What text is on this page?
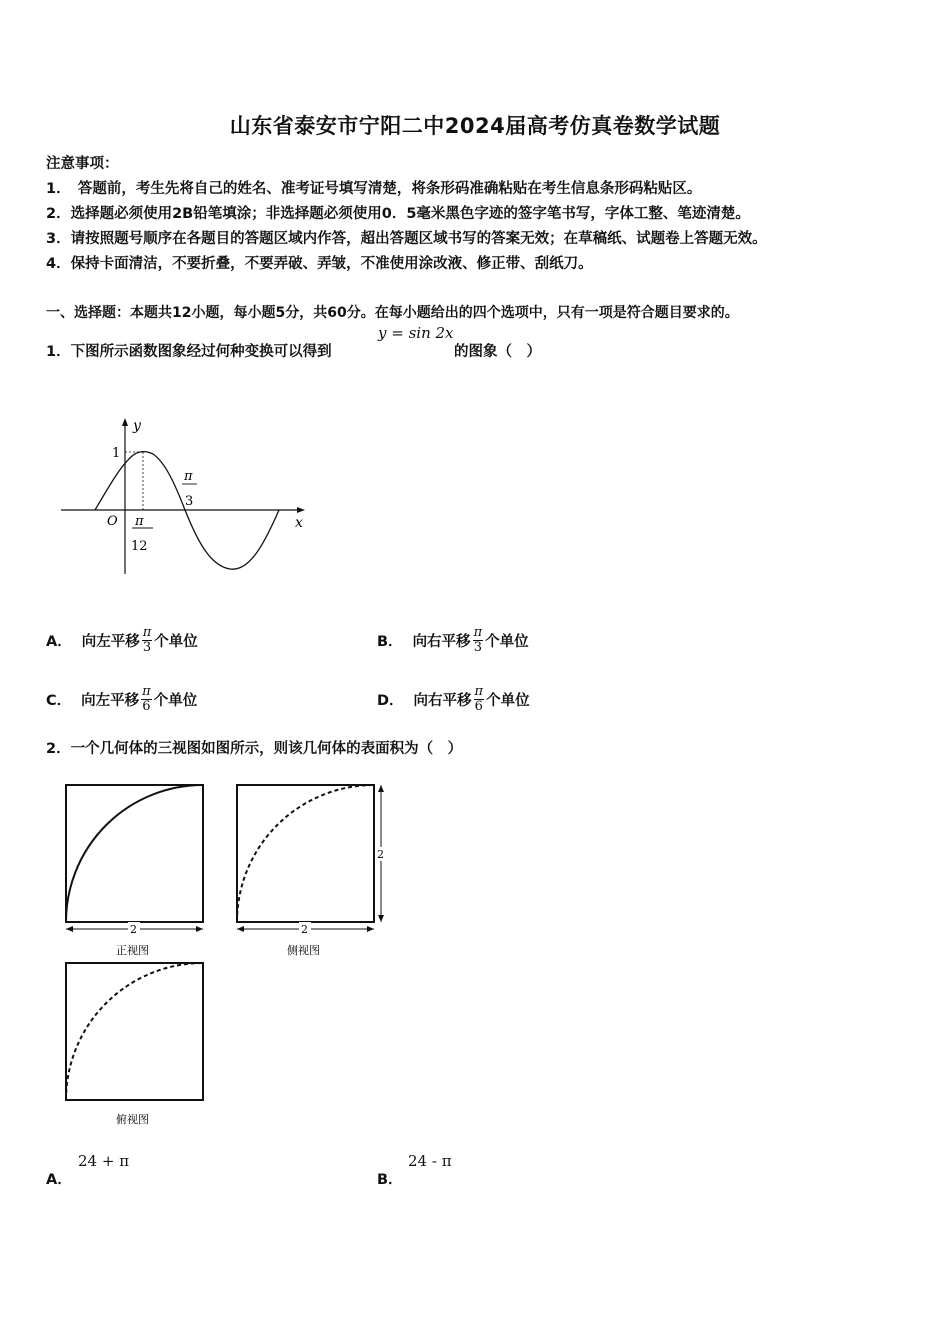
山东省泰安市宁阳二中2024届高考仿真卷数学试题
注意事项：
1．　答题前，考生先将自己的姓名、准考证号填写清楚，将条形码准确粘贴在考生信息条形码粘贴区。
2．选择题必须使用2B铅笔填涂；非选择题必须使用0．5毫米黑色字迹的签字笔书写，字体工整、笔迹清楚。
3．请按照题号顺序在各题目的答题区域内作答，超出答题区域书写的答案无效；在草稿纸、试题卷上答题无效。
4．保持卡面清洁，不要折叠，不要弄破、弄皱，不准使用涂改液、修正带、刮纸刀。
一、选择题：本题共12小题，每小题5分，共60分。在每小题给出的四个选项中，只有一项是符合题目要求的。
1．下图所示函数图象经过何种变换可以得到
y = sin 2x
的图象（　）
y
x
O
1
π
12
π
3
A． 向左平移 $\frac{\pi}{3}$ 个单位	B． 向右平移 $\frac{\pi}{3}$ 个单位
C． 向左平移 $\frac{\pi}{6}$ 个单位	D． 向右平移 $\frac{\pi}{6}$ 个单位
2．一个几何体的三视图如图所示，则该几何体的表面积为（　）
2
正视图
2
2
侧视图
俯视图
A．
24 + π
B．
24 - π
